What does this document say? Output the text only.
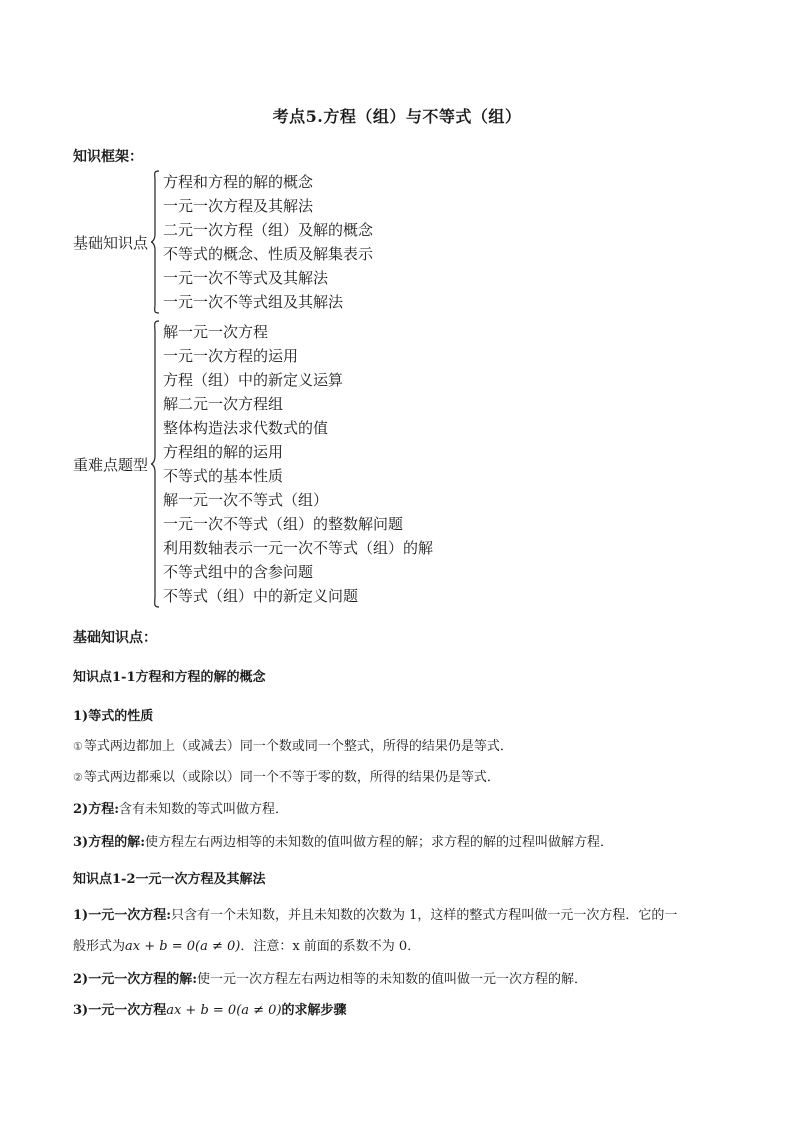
考点5.方程（组）与不等式（组）
知识框架：
基础知识点
方程和方程的解的概念
一元一次方程及其解法
二元一次方程（组）及解的概念
不等式的概念、性质及解集表示
一元一次不等式及其解法
一元一次不等式组及其解法
重难点题型
解一元一次方程
一元一次方程的运用
方程（组）中的新定义运算
解二元一次方程组
整体构造法求代数式的值
方程组的解的运用
不等式的基本性质
解一元一次不等式（组）
一元一次不等式（组）的整数解问题
利用数轴表示一元一次不等式（组）的解
不等式组中的含参问题
不等式（组）中的新定义问题
基础知识点：
知识点1-1方程和方程的解的概念
1)等式的性质
①等式两边都加上（或减去）同一个数或同一个整式，所得的结果仍是等式．
②等式两边都乘以（或除以）同一个不等于零的数，所得的结果仍是等式．
2)方程:含有未知数的等式叫做方程．
3)方程的解:使方程左右两边相等的未知数的值叫做方程的解；求方程的解的过程叫做解方程．
知识点1-2一元一次方程及其解法
1)一元一次方程:只含有一个未知数，并且未知数的次数为 1，这样的整式方程叫做一元一次方程．它的一
般形式为ax + b = 0(a ≠ 0)．注意：x 前面的系数不为 0．
2)一元一次方程的解:使一元一次方程左右两边相等的未知数的值叫做一元一次方程的解．
3)一元一次方程ax + b = 0(a ≠ 0)的求解步骤
